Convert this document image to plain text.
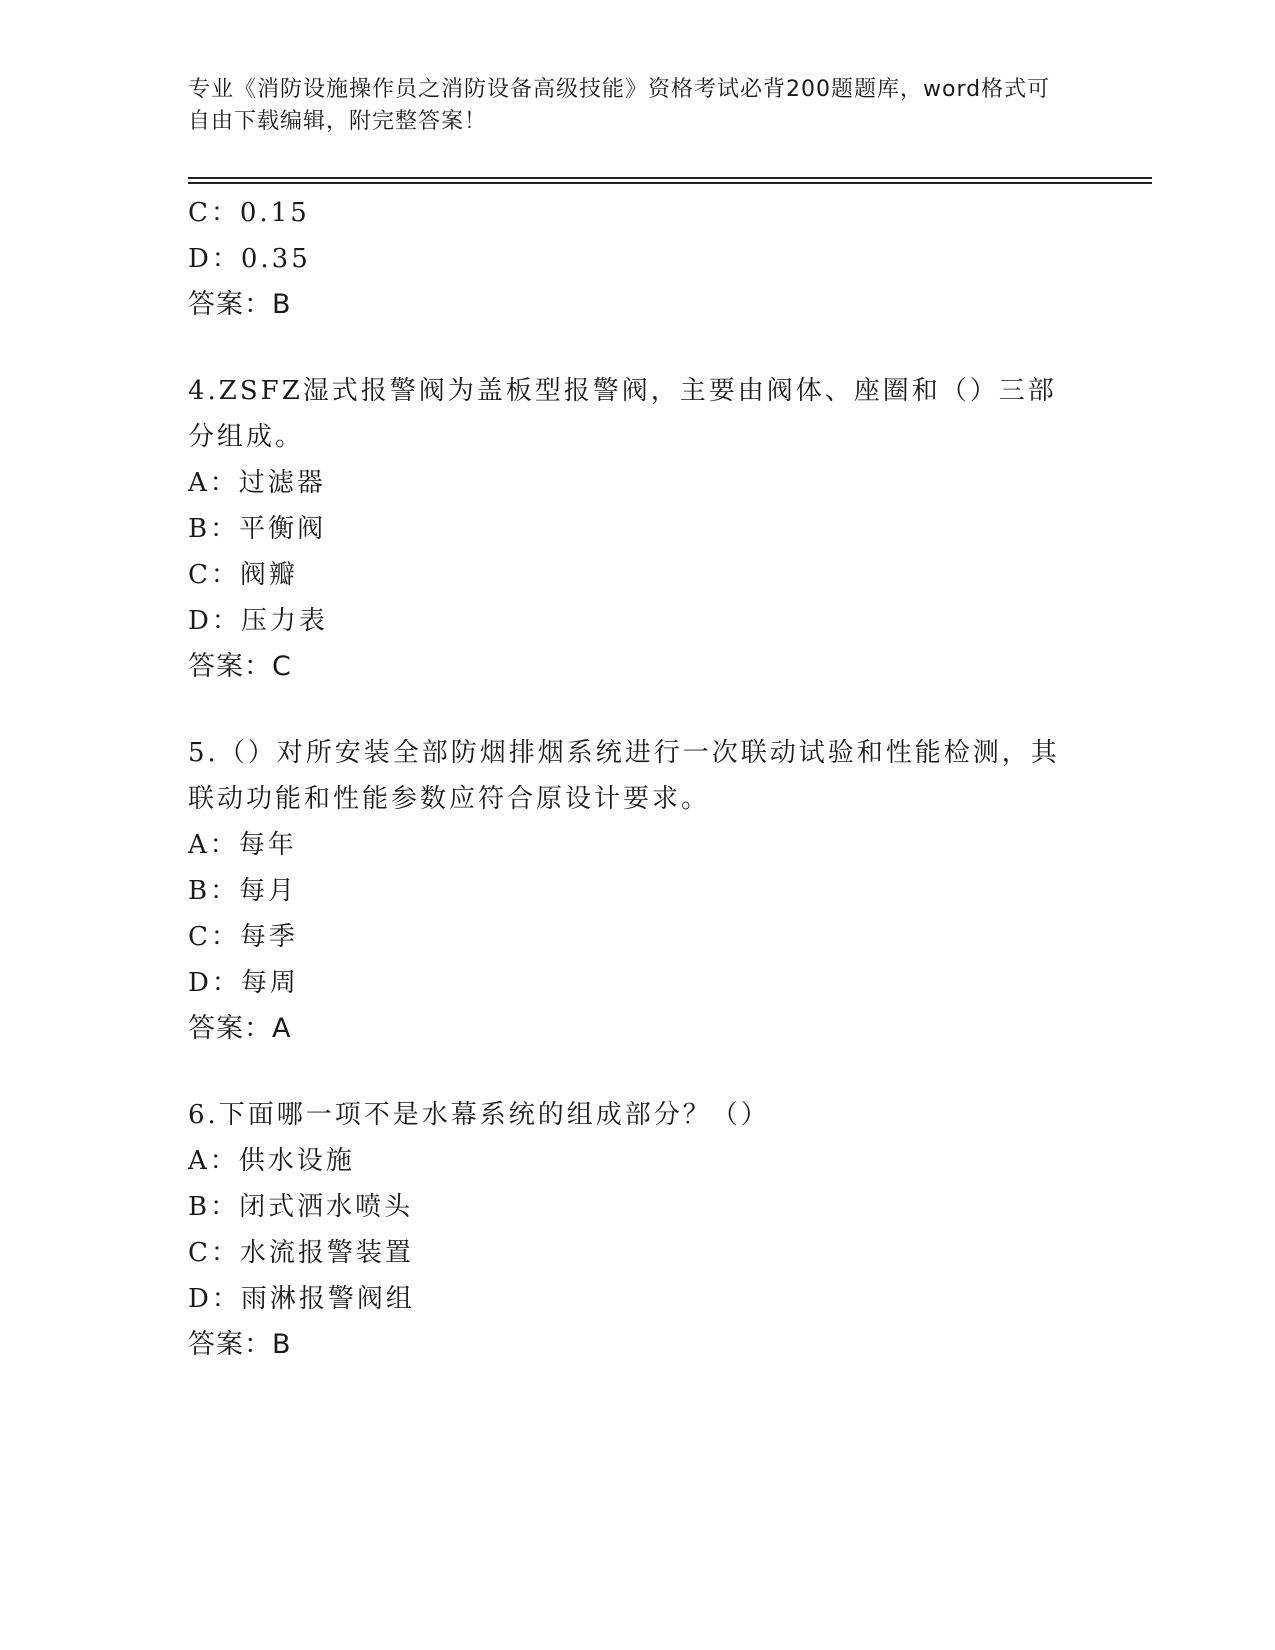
专业《消防设施操作员之消防设备高级技能》资格考试必背200题题库，word格式可自由下载编辑，附完整答案！
C：0.15
D：0.35
答案：B
4.ZSFZ湿式报警阀为盖板型报警阀，主要由阀体、座圈和（）三部分组成。
A：过滤器
B：平衡阀
C：阀瓣
D：压力表
答案：C
5.（）对所安装全部防烟排烟系统进行一次联动试验和性能检测，其联动功能和性能参数应符合原设计要求。
A：每年
B：每月
C：每季
D：每周
答案：A
6.下面哪一项不是水幕系统的组成部分？（）
A：供水设施
B：闭式洒水喷头
C：水流报警装置
D：雨淋报警阀组
答案：B
